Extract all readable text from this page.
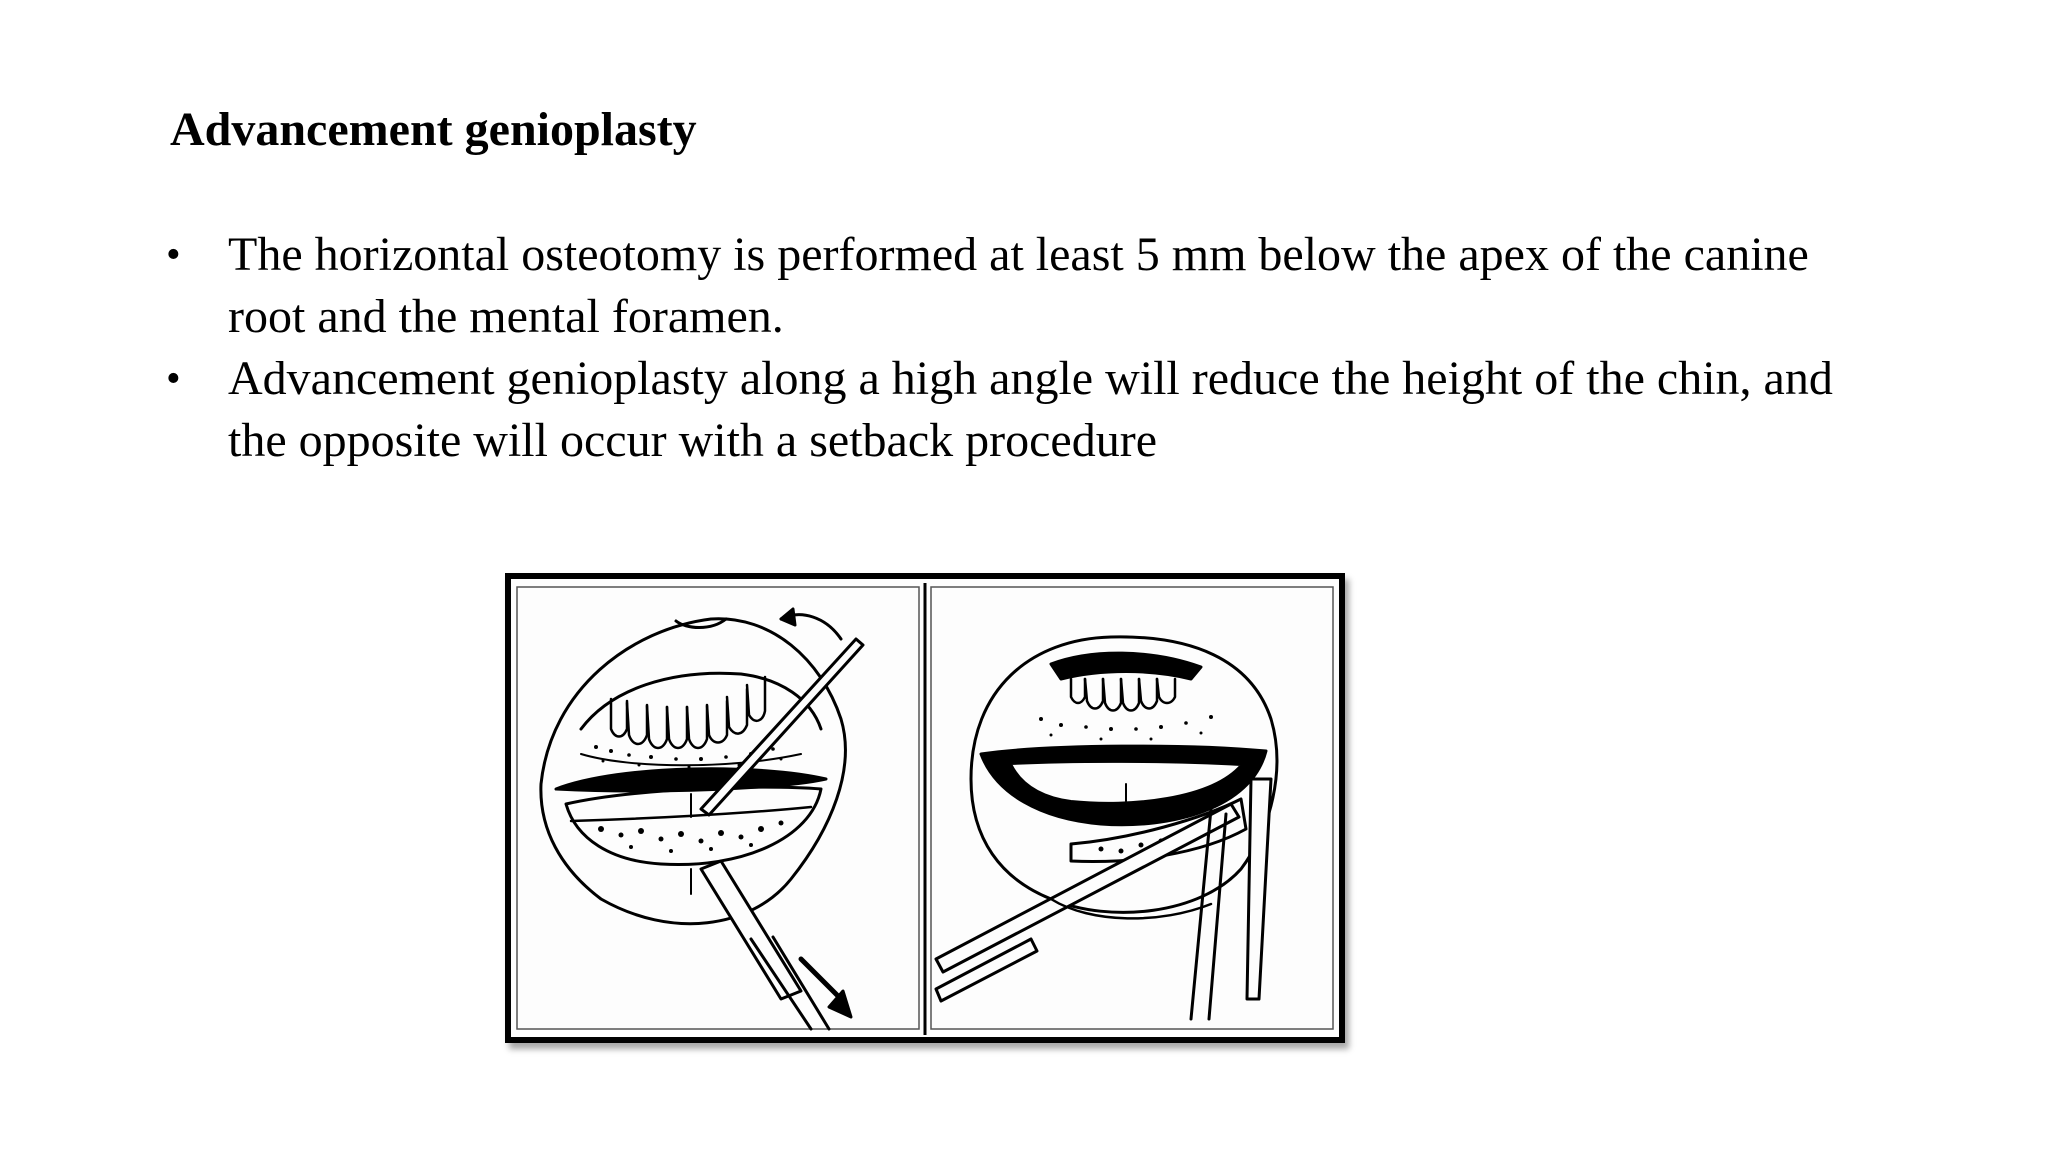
Advancement genioplasty
• The horizontal osteotomy is performed at least 5 mm below the apex of the canine root and the mental foramen.
• Advancement genioplasty along a high angle will reduce the height of the chin, and the opposite will occur with a setback procedure
